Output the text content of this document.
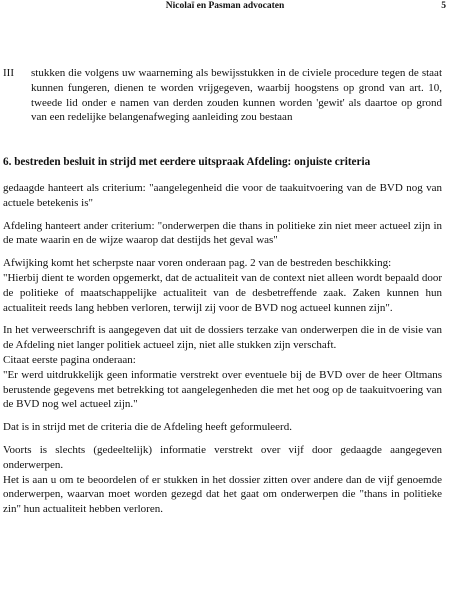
Nicolaï en Pasman advocaten	5
III	stukken die volgens uw waarneming als bewijsstukken in de civiele procedure tegen de staat kunnen fungeren, dienen te worden vrijgegeven, waarbij hoogstens op grond van art. 10, tweede lid onder e namen van derden zouden kunnen worden 'gewit' als daartoe op grond van een redelijke belangenafweging aanleiding zou bestaan
6. bestreden besluit in strijd met eerdere uitspraak Afdeling: onjuiste criteria

gedaagde hanteert als criterium: "aangelegenheid die voor de taakuitvoering van de BVD nog van actuele betekenis is"

Afdeling hanteert ander criterium: "onderwerpen die thans in politieke zin niet meer actueel zijn in de mate waarin en de wijze waarop dat destijds het geval was"

Afwijking komt het scherpste naar voren onderaan pag. 2 van de bestreden beschikking:

"Hierbij dient te worden opgemerkt, dat de actualiteit van de context niet alleen wordt bepaald door de politieke of maatschappelijke actualiteit van de desbetreffende zaak. Zaken kunnen hun actualiteit reeds lang hebben verloren, terwijl zij voor de BVD nog actueel kunnen zijn".

In het verweerschrift is aangegeven dat uit de dossiers terzake van onderwerpen die in de visie van de Afdeling niet langer politiek actueel zijn, niet alle stukken zijn verschaft.

Citaat eerste pagina onderaan:

"Er werd uitdrukkelijk geen informatie verstrekt over eventuele bij de BVD over de heer Oltmans berustende gegevens met betrekking tot aangelegenheden die met het oog op de taakuitvoering van de BVD nog wel actueel zijn."

Dat is in strijd met de criteria die de Afdeling heeft geformuleerd.

Voorts is slechts (gedeeltelijk) informatie verstrekt over vijf door gedaagde aangegeven onderwerpen.

Het is aan u om te beoordelen of er stukken in het dossier zitten over andere dan de vijf genoemde onderwerpen, waarvan moet worden gezegd dat het gaat om onderwerpen die "thans in politieke zin" hun actualiteit hebben verloren.
